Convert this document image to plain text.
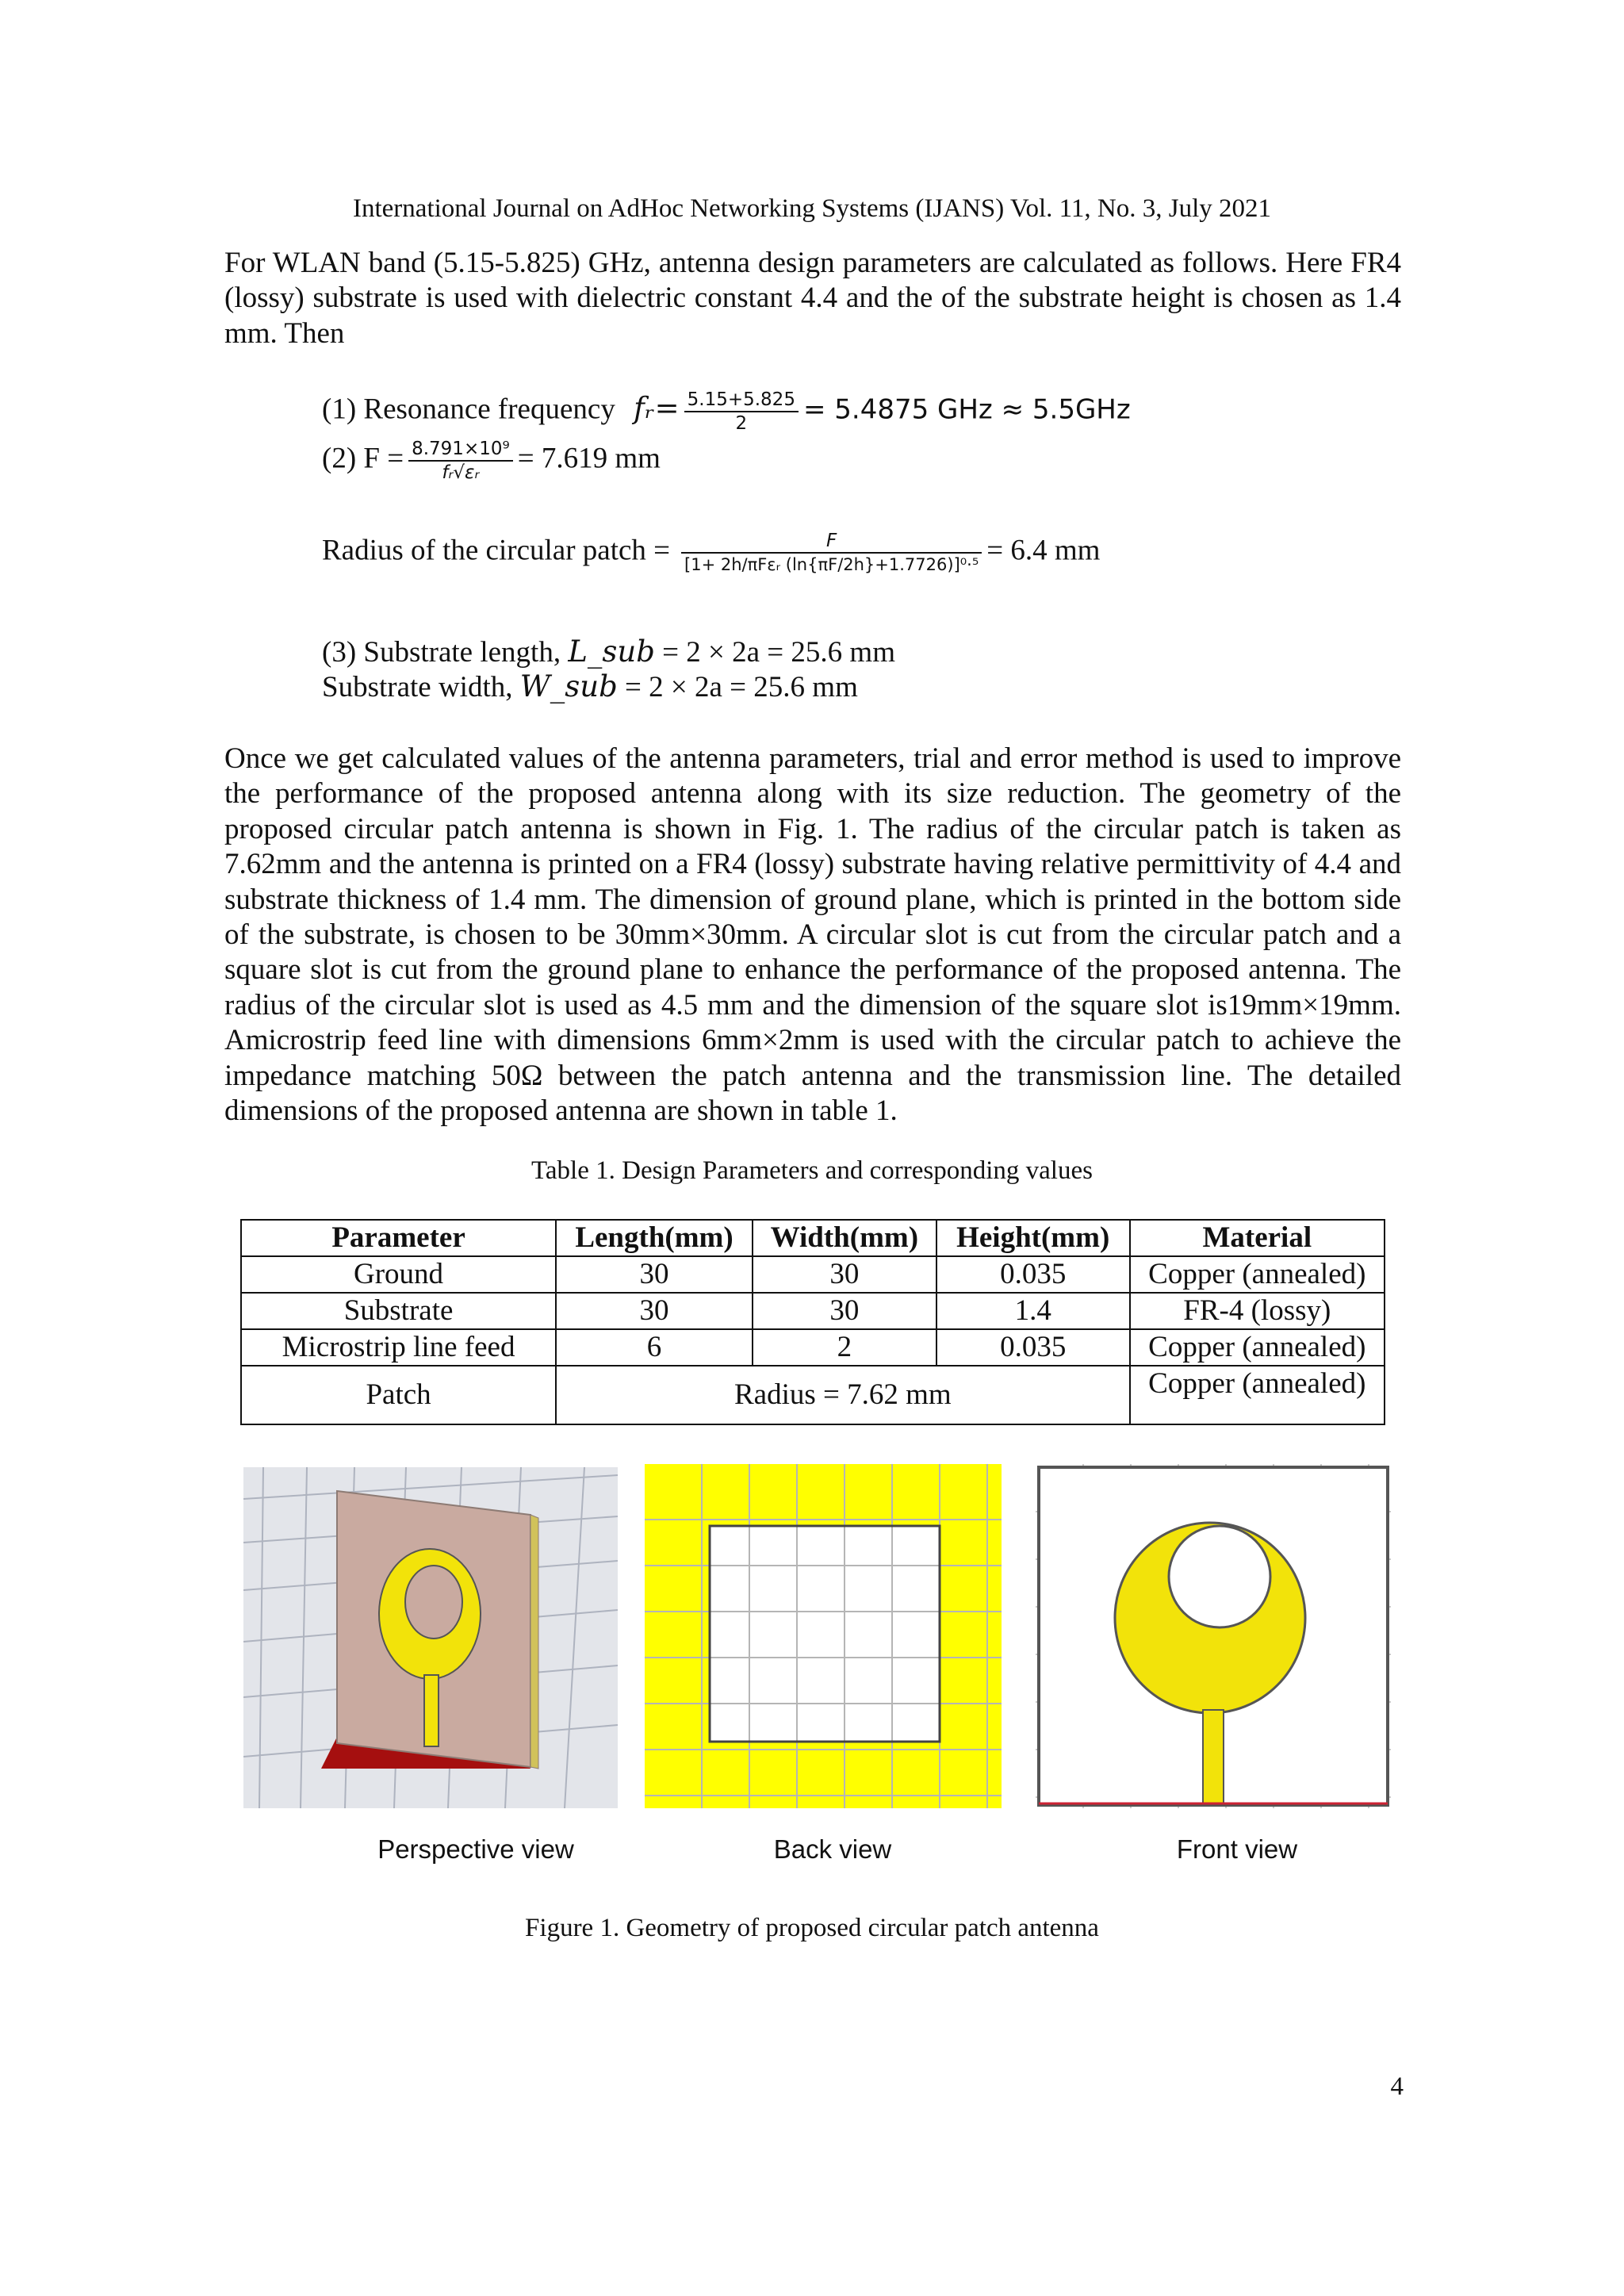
International Journal on AdHoc Networking Systems (IJANS) Vol. 11, No. 3, July 2021

For WLAN band (5.15-5.825) GHz, antenna design parameters are calculated as follows. Here FR4 (lossy) substrate is used with dielectric constant 4.4 and the of the substrate height is chosen as 1.4 mm. Then

(1) Resonance frequency fᵣ= $\frac{5.15+5.825}{2} = 5.4875$ GHz ≈ 5.5GHz
(2) $F = \frac{\text{8.791×10⁹}}{\text{fᵣ√εᵣ}} = 7.619$ mm
Radius of the circular patch = $\frac{F}{\text{[1+ 2h/πFεᵣ (ln\{πF/2h\}+1.7726)]⁰·⁵}} = 6.4$ mm
(3) Substrate length, L_sub = 2 × 2a = 25.6 mm
Substrate width, W_sub = 2 × 2a = 25.6 mm

Once we get calculated values of the antenna parameters, trial and error method is used to improve the performance of the proposed antenna along with its size reduction. The geometry of the proposed circular patch antenna is shown in Fig. 1. The radius of the circular patch is taken as 7.62mm and the antenna is printed on a FR4 (lossy) substrate having relative permittivity of 4.4 and substrate thickness of 1.4 mm. The dimension of ground plane, which is printed in the bottom side of the substrate, is chosen to be 30mm×30mm. A circular slot is cut from the circular patch and a square slot is cut from the ground plane to enhance the performance of the proposed antenna. The radius of the circular slot is used as 4.5 mm and the dimension of the square slot is19mm×19mm. Amicrostrip feed line with dimensions 6mm×2mm is used with the circular patch to achieve the impedance matching 50Ω between the patch antenna and the transmission line. The detailed dimensions of the proposed antenna are shown in table 1.

Table 1. Design Parameters and corresponding values
Parameter	Length(mm)	Width(mm)	Height(mm)	Material
Ground	30	30	0.035	Copper (annealed)
Substrate	30	30	1.4	FR-4 (lossy)
Microstrip line feed	6	2	0.035	Copper (annealed)
Patch	Radius = 7.62 mm			Copper (annealed)
Perspective view	Back view	Front view
Figure 1. Geometry of proposed circular patch antenna
4
